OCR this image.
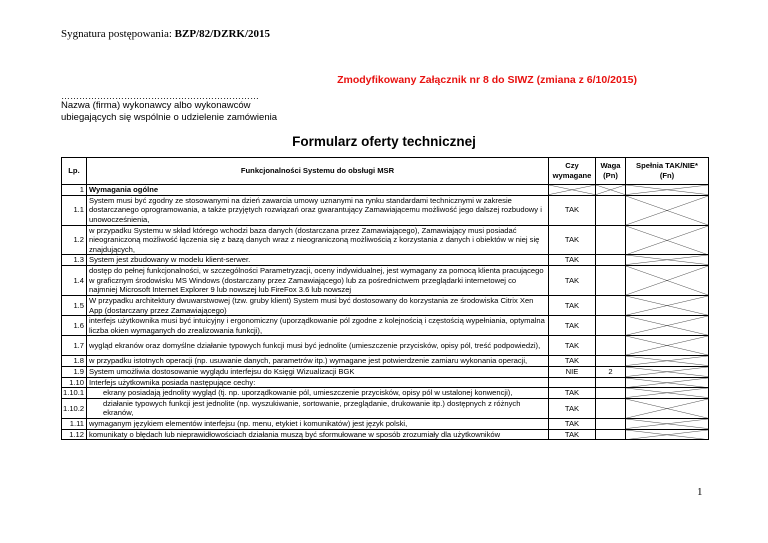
Sygnatura postępowania: BZP/82/DZRK/2015
Zmodyfikowany Załącznik nr 8 do SIWZ (zmiana z 6/10/2015)
…………………………………………………………
Nazwa (firma) wykonawcy albo wykonawców
ubiegających się wspólnie o udzielenie zamówienia
Formularz oferty technicznej
Lp.	Funkcjonalności Systemu do obsługi MSR	Czy
wymagane	Waga
(Pn)	Spełnia TAK/NIE*
(Fn)
1	Wymagania ogólne	

1.1	System musi być zgodny ze stosowanymi na dzień zawarcia umowy uznanymi na rynku standardami technicznymi w zakresie dostarczanego oprogramowania, a także przyjętych rozwiązań oraz gwarantujący Zamawiającemu możliwość jego dalszej rozbudowy i unowocześnienia,	TAK		

1.2	w przypadku Systemu w skład którego wchodzi baza danych (dostarczana przez Zamawiającego), Zamawiający musi posiadać nieograniczoną możliwość łączenia się z bazą danych wraz z nieograniczoną możliwością z korzystania z danych i obiektów w niej się znajdujących,	TAK		

1.3	System jest zbudowany w modelu klient-serwer.	TAK		

1.4	dostęp do pełnej funkcjonalności, w szczególności Parametryzacji, oceny indywidualnej, jest wymagany za pomocą klienta pracującego w graficznym środowisku MS Windows (dostarczany przez Zamawiającego) lub za pośrednictwem przeglądarki internetowej co najmniej Microsoft Internet Explorer 9 lub nowszej lub FireFox 3.6 lub nowszej	TAK		

1.5	W przypadku architektury dwuwarstwowej (tzw. gruby klient) System musi być dostosowany do korzystania ze środowiska Citrix Xen App (dostarczany przez Zamawiającego)	TAK		

1.6	interfejs użytkownika musi być intuicyjny i ergonomiczny (uporządkowanie pól zgodne z kolejnością i częstością wypełniania, optymalna liczba okien wymaganych do zrealizowania funkcji),	TAK		

1.7	wygląd ekranów oraz domyślne działanie typowych funkcji musi być jednolite (umieszczenie przycisków, opisy pól, treść podpowiedzi),	TAK		

1.8	w przypadku istotnych operacji (np. usuwanie danych, parametrów itp.) wymagane jest potwierdzenie zamiaru wykonania operacji,	TAK		

1.9	System umożliwia dostosowanie wyglądu interfejsu do Księgi Wizualizacji BGK	NIE	2	

1.10	Interfejs użytkownika posiada następujące cechy:			

1.10.1	ekrany posiadają jednolity wygląd (tj. np. uporządkowanie pól, umieszczenie przycisków, opisy pól w ustalonej konwencji),	TAK		

1.10.2	działanie typowych funkcji jest jednolite (np. wyszukiwanie, sortowanie, przeglądanie, drukowanie itp.) dostępnych z różnych ekranów,	TAK		

1.11	wymaganym językiem elementów interfejsu (np. menu, etykiet i komunikatów) jest język polski,	TAK		

1.12	komunikaty o błędach lub nieprawidłowościach działania muszą być sformułowane w sposób zrozumiały dla użytkowników	TAK		
1
